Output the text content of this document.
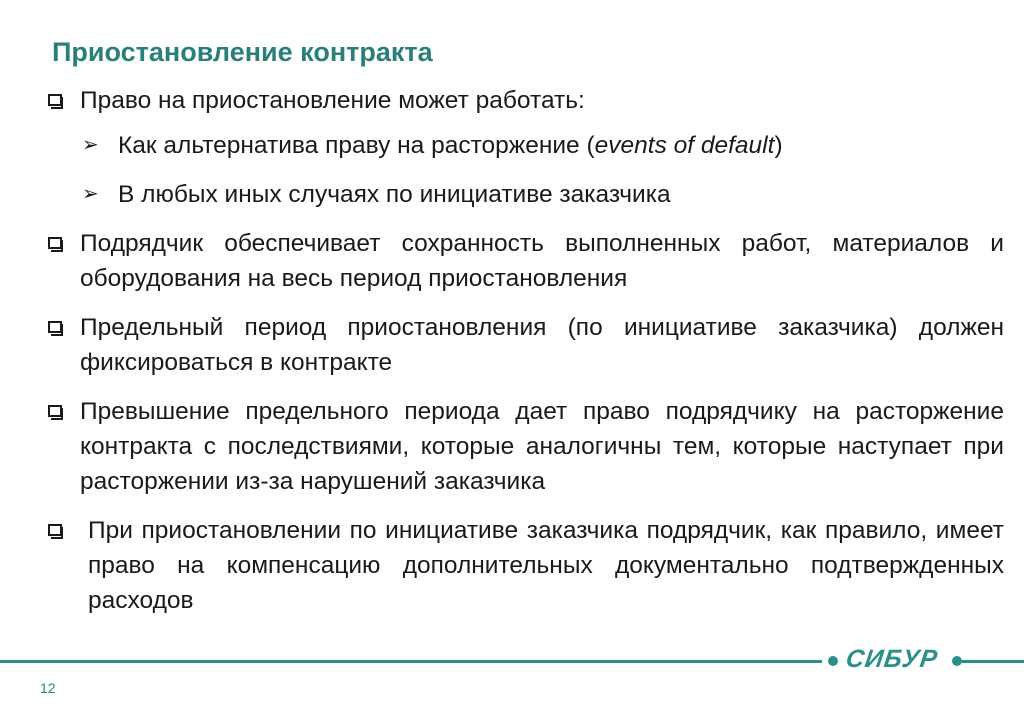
Приостановление контракта
Право на приостановление может работать:
➢ Как альтернатива праву на расторжение (events of default)
➢ В любых иных случаях по инициативе заказчика
Подрядчик обеспечивает сохранность выполненных работ, материалов и оборудования на весь период приостановления
Предельный период приостановления (по инициативе заказчика) должен фиксироваться в контракте
Превышение предельного периода дает право подрядчику на расторжение контракта с последствиями, которые аналогичны тем, которые наступает при расторжении из-за нарушений заказчика
При приостановлении по инициативе заказчика подрядчик, как правило, имеет право на компенсацию дополнительных документально подтвержденных расходов
СИБУР
12
